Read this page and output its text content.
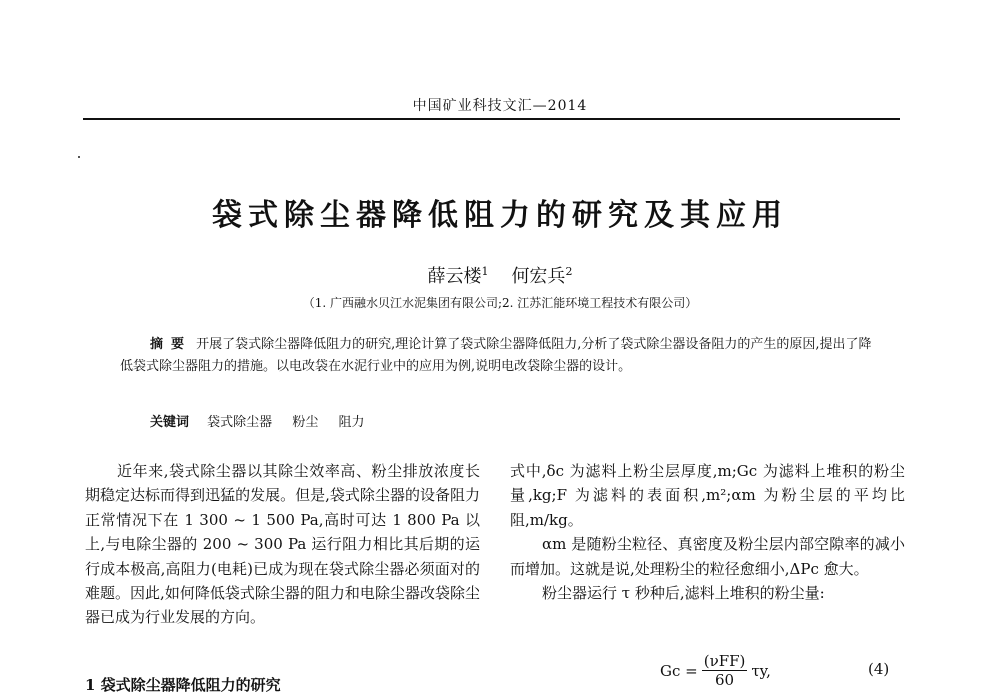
中国矿业科技文汇—2014
袋式除尘器降低阻力的研究及其应用
薛云楼$^1$ 何宏兵$^2$
（1. 广西融水贝江水泥集团有限公司;2. 江苏汇能环境工程技术有限公司）
摘要 开展了袋式除尘器降低阻力的研究,理论计算了袋式除尘器降低阻力,分析了袋式除尘器设备阻力的产生的原因,提出了降低袋式除尘器阻力的措施。以电改袋在水泥行业中的应用为例,说明电改袋除尘器的设计。
关键词 袋式除尘器 粉尘 阻力
近年来,袋式除尘器以其除尘效率高、粉尘排放浓度长期稳定达标而得到迅猛的发展。但是,袋式除尘器的设备阻力正常情况下在 1 300 ~ 1 500 Pa,高时可达 1 800 Pa 以上,与电除尘器的 200 ~ 300 Pa 运行阻力相比其后期的运行成本极高,高阻力(电耗)已成为现在袋式除尘器必须面对的难题。因此,如何降低袋式除尘器的阻力和电除尘器改袋除尘器已成为行业发展的方向。

式中,δc 为滤料上粉尘层厚度,m;Gc 为滤料上堆积的粉尘量,kg;F 为滤料的表面积,m²;αm 为粉尘层的平均比阻,m/kg。

αm 是随粉尘粒径、真密度及粉尘层内部空隙率的减小而增加。这就是说,处理粉尘的粒径愈细小,ΔPc 愈大。

粉尘器运行 τ 秒种后,滤料上堆积的粉尘量:

$Gc = \frac{\text{(νFF)}}{60} \tau y$,	(4)
1 袋式除尘器降低阻力的研究
